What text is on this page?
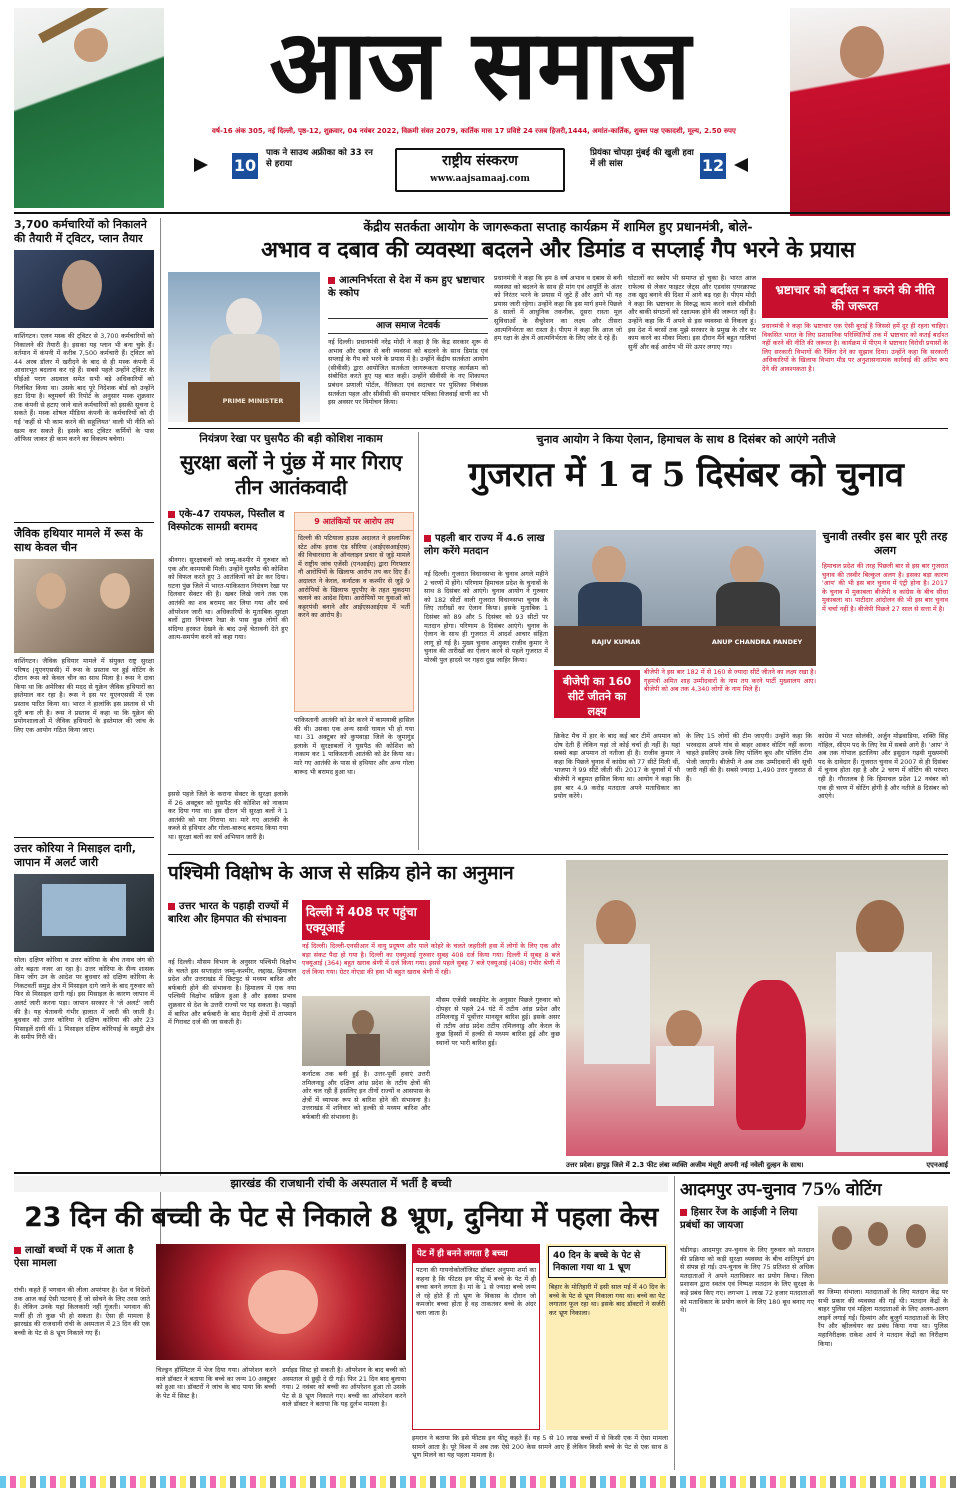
आज समाज
वर्ष-16 अंक 305, नई दिल्ली, पृष्ठ-12, शुक्रवार, 04 नवंबर 2022, विक्रमी संवत 2079, कार्तिक मास 17 प्रविष्टे 24 रजब हिजरी,1444, अमांत-कार्तिक, शुक्ल पक्ष एकादशी, मूल्य, 2.50 रुपए
पाक ने साउथ अफ्रीका को 33 रन से हराया
10	राष्ट्रीय संस्करण
www.aajsamaaj.com
प्रियंका चोपड़ा मुंबई की खुली हवा में ली सांस	12
3,700 कर्मचारियों को निकालने की तैयारी में ट्विटर, प्लान तैयार
वाशिंगटन। एलन मस्क की ट्विटर से 3,700 कर्मचारियों को निकालने की तैयारी है। इसका यह प्लान भी बना चुके हैं। वर्तमान में कंपनी में करीब 7,500 कर्मचारी हैं। ट्विटर को 44 अरब डॉलर में खरीदने के बाद से ही मस्क कंपनी में आधारभूत बदलाव कर रहे हैं। सबसे पहले उन्होंने ट्विटर के सीईओ पराग अग्रवाल समेत सभी बड़े अधिकारियों को निलंबित किया था। उसके बाद पूरे निदेशक बोर्ड को उन्होंने हटा दिया है। ब्लूमबर्ग की रिपोर्ट के अनुसार मस्क शुक्रवार तक कंपनी से हटाए जाने वाले कर्मचारियों को इसकी सूचना दे सकते हैं। मस्क शोषल मीडिया कंपनी के कर्मचारियों को दी गई 'कहीं से भी काम करने की सहूलियत' वाली भी नीति को खत्म कर सकते हैं। इसके बाद ट्विटर कर्मियों के पास ऑफिस जाकर ही काम करने का विकल्प बचेगा।
जैविक हथियार मामले में रूस के साथ केवल चीन
वाशिंगटन। जैविक हथियार मामले में संयुक्त राष्ट्र सुरक्षा परिषद (यूएनएससी) में रूस के प्रस्ताव पर हुई वोटिंग के दौरान रूस को केवल चीन का साथ मिला है। रूस ने दावा किया था कि अमेरिका की मदद से यूक्रेन जैविक हथियारों का इस्तेमाल कर रहा है। रूस ने इस पर यूएनएससी में एक प्रस्ताव पारित किया था। भारत ने हालांकि इस प्रस्ताव से भी दूरी बना ली है। रूस ने प्रस्ताव में कहा था कि यूक्रेन की प्रयोगशालाओं में जैविक हथियारों के इस्तेमाल की जांच के लिए एक आयोग गठित किया जाए।
उत्तर कोरिया ने मिसाइल दागी, जापान में अलर्ट जारी
सोल। दक्षिण कोरिया व उत्तर कोरिया के बीच तनाव जंग की ओर बढ़ता नजर आ रहा है। उत्तर कोरिया के सैन्य शासक किम जोंग उन के आदेश पर बुधवार को दक्षिण कोरिया के निकटवर्ती समुद्र क्षेत्र में मिसाइल दागे जाने के बाद गुरुवार को फिर से मिसाइल दागी गई। इस मिसाइल के कारण जापान में अलर्ट जारी करना पड़ा। जापान सरकार ने 'जे अलर्ट' जारी की है। यह चेतावनी गंभीर हालात में जारी की जाती है। बुधवार को उत्तर कोरिया ने दक्षिण कोरिया की ओर 23 मिसाइलें दागी थीं। 1 मिसाइल दक्षिण कोरियाई के समुद्री क्षेत्र के समीप गिरी थी।
केंद्रीय सतर्कता आयोग के जागरूकता सप्ताह कार्यक्रम में शामिल हुए प्रधानमंत्री, बोले-
अभाव व दबाव की व्यवस्था बदलने और डिमांड व सप्लाई गैप भरने के प्रयास
PRIME MINISTER
आत्मनिर्भरता से देश में कम हुए भ्रष्टाचार के स्कोप
आज समाज नेटवर्क
नई दिल्ली। प्रधानमंत्री नरेंद्र मोदी ने कहा है कि केंद्र सरकार शुरू से अभाव और दबाव से बनी व्यवस्था को बदलने के साथ डिमांड एवं सप्लाई के गैप को भरने के प्रयास में है। उन्होंने केंद्रीय सतर्कता आयोग (सीवीसी) द्वारा आयोजित सतर्कता जागरूकता सप्ताह कार्यक्रम को संबोधित करते हुए यह बात कही। उन्होंने सीवीसी के नए शिकायत प्रबंधन प्रणाली पोर्टल, नैतिकता एवं सदाचार पर पुस्तिका निबंधक सतर्कता पहल और सीवीसी की समाचार पत्रिका विजवाई वाणी का भी इस अवसर पर विमोचन किया।
प्रधानमंत्री ने कहा कि हम 8 वर्ष अभाव व दबाव से बनी व्यवस्था को बदलने के साथ ही मांग एवं आपूर्ति के अंतर को निरंतर भरने के प्रयास में जुटे हैं और आगे भी यह प्रयास जारी रहेगा। उन्होंने कहा कि इस मार्ग हमने पिछले 8 सालों में आधुनिक तकनीक, दूसरा रास्ता मूल सुविधाओं के सैचुरेशन का लक्ष्य और तीसरा आत्मनिर्भरता का रास्ता है। पीएम ने कहा कि आज जो हम रक्षा के क्षेत्र में आत्मनिर्भरता के लिए जोर दे रहे हैं।
घोटालों का स्कोप भी समाप्त हो चुका है। भारत आज राफेल्स से लेकर फाइटर जेट्स और एडवांस एयरक्राफ्ट तक खुद बनाने की दिशा में आगे बढ़ रहा है। पीएम मोदी ने कहा कि भ्रष्टाचार के विरुद्ध काम करने वाले सीवीसी और बाकी संगठनों को रक्षात्मक होने की जरूरत नहीं है। उन्होंने कहा कि मैं अपने से इस व्यवस्था से निकला हूं। इस देश में बरसों तक मुझे सरकार के प्रमुख के तौर पर काम करने का मौका मिला। इस दौरान मैंने बहुत गालियां सुनीं और कई आरोप भी मेरे ऊपर लगाए गए।
भ्रष्टाचार को बर्दाश्त न करने की नीति की जरूरत
प्रधानमंत्री ने कहा कि भ्रष्टाचार एक ऐसी बुराई है जिससे हमें दूर ही रहना चाहिए। विकसित भारत के लिए प्रशासनिक परिस्थितियों तक में भ्रष्टाचार को कतई बर्दाश्त नहीं करने की नीति की जरूरत है। कार्यक्रम में पीएम ने भ्रष्टाचार विरोधी प्रयासों के लिए सरकारी विभागों की रैंकिंग देने का सुझाव दिया। उन्होंने कहा कि सरकारी अधिकारियों के खिलाफ विभाग मौड पर अनुशासनात्मक कार्रवाई की अंतिम रूप देने की आवश्यकता है।
नियंत्रण रेखा पर घुसपैठ की बड़ी कोशिश नाकाम
सुरक्षा बलों ने पुंछ में मार गिराए तीन आतंकवादी
एके-47 रायफल, पिस्तौल व विस्फोटक सामग्री बरामद
श्रीनगर। सुरक्षाबलों को जम्मू-कश्मीर में गुरुवार को एक और कामयाबी मिली। उन्होंने घुसपैठ की कोशिश को विफल करते हुए 3 आतंकियों को ढेर कर दिया। घटना पुंछ जिले में भारत-पाकिस्तान नियंत्रण रेखा पर दिलवार सेक्टर की है। खबर लिखे जाने तक एक आतंकी का शव बरामद कर लिया गया और सर्च ऑपरेशन जारी था। अधिकारियों के मुताबिक सुरक्षा बलों द्वारा नियंत्रण रेखा के पास कुछ लोगों की संदिग्ध हरकत देखने के बाद उन्हें चेतावनी देते हुए आत्म-समर्पण करने को कहा गया।
9 आतंकियों पर आरोप तय
दिल्ली की पटियाला हाउस अदालत ने इस्लामिक स्टेट ऑफ इराक एंड सीरिया (आईएसआईएस) की विचारधारा के ऑनलाइन प्रचार से जुड़े मामले में राष्ट्रीय जांच एजेंसी (एनआईए) द्वारा गिरफ्तार नौ आरोपियों के खिलाफ आरोप तय कर दिए हैं। अदालत ने केरल, कर्नाटक व कश्मीर से जुड़े 9 आरोपियों के खिलाफ यूएपीए के तहत मुकदमा चलाने का आदेश दिया। आरोपियों पर युवाओं को कट्टरपंथी बनाने और आईएसआईएस में भर्ती करने का आरोप है।
पाकिस्तानी आतंकी को ढेर करने में कामयाबी हासिल की थी। उसका एक अन्य साथी घायल भी हो गया था। 31 अक्टूबर को कुपवाड़ा जिले के जुमागुंड इलाके में सुरक्षाबलों ने घुसपैठ की कोशिश को नाकाम कर 1 पाकिस्तानी आतंकी को ढेर किया था। मारे गए आतंकी के पास से हथियार और अन्य गोला बारूद भी बरामद हुआ था।
इससे पहले जिले के कराना सेक्टर के सुरक्षा इलाके में 26 अक्टूबर को घुसपैठ की कोशिश को नाकाम कर दिया गया था। इस दौरान भी सुरक्षा बलों ने 1 आतंकी को मार गिराया था। मारे गए आतंकी के कब्जे से हथियार और गोला-बारूद बरामद किया गया था। सुरक्षा बलों का सर्च अभियान जारी है।
चुनाव आयोग ने किया ऐलान, हिमाचल के साथ 8 दिसंबर को आएंगे नतीजे
गुजरात में 1 व 5 दिसंबर को चुनाव
पहली बार राज्य में 4.6 लाख लोग करेंगे मतदान
नई दिल्ली। गुजरात विधानसभा के चुनाव अगले महीने 2 चरणों में होंगे। परिणाम हिमाचल प्रदेश के चुनावों के साथ 8 दिसंबर को आएंगे। चुनाव आयोग ने गुरुवार को 182 सीटों वाली गुजरात विधानसभा चुनाव के लिए तारीखों का ऐलान किया। इसके मुताबिक 1 दिसंबर को 89 और 5 दिसंबर को 93 सीटों पर मतदान होगा। परिणाम 8 दिसंबर आएंगे। चुनाव के ऐलान के साथ ही गुजरात में आदर्श आचार संहिता लागू हो गई है। मुख्य चुनाव आयुक्त राजीव कुमार ने चुनाव की तारीखों का ऐलान करने से पहले गुजरात में मोरबी पुल हादसे पर गहरा दुख जाहिर किया।
RAJIV KUMAR	ANUP CHANDRA PANDEY
बीजेपी ने इस बार 182 में से 160 से ज्यादा सीटें जीतने का लक्ष्य रखा है। गृहमंत्री अमित शाह उम्मीदवारों के नाम तय करने पार्टी मुख्यालय आए। बीजेपी को अब तक 4,340 लोगों के नाम मिले हैं।
बीजेपी का 160 सीटें जीतने का लक्ष्य
चुनावी तस्वीर इस बार पूरी तरह अलग
हिमाचल प्रदेश की तरह पिछली बार से इस बार गुजरात चुनाव की तस्वीर बिल्कुल अलग है। इसका बड़ा कारण 'आप' की भी इस बार चुनाव में एंट्री होना है। 2017 के चुनाव में मुकाबला बीजेपी व कांग्रेस के बीच सीधा मुकाबला था। पाटीदार आंदोलन की भी इस बार चुनाव में चर्चा नहीं है। बीजेपी पिछले 27 साल से सत्ता में है।
क्रिकेट मैच में हार के बाद कई बार टीमें अपमान को दोष देती हैं लेकिन यहां तो कोई चर्चा ही नहीं है। यहां सबसे बड़ा अपमान तो नतीजा ही है। राजीव कुमार ने कहा कि पिछले चुनाव में कांग्रेस को 77 सीटें मिली थीं, भाजपा ने 99 सीटें जीती थीं। 2017 के चुनावों में भी बीजेपी ने बहुमत हासिल किया था। आयोग ने कहा कि इस बार 4.9 करोड़ मतदाता अपने मताधिकार का प्रयोग करेंगे।
के लिए 15 लोगों की टीम जाएगी। उन्होंने कहा कि भरवदास अपने गांव से बाहर आकर वोटिंग नहीं करना चाहते इसलिए उनके लिए पोलिंग बूथ और पोलिंग टीम भेजी जाएगी। बीजेपी ने अब तक उम्मीदवारों की सूची जारी नहीं की है। सबसे ज्यादा 1,490 उत्तर गुजरात से हैं।
कांग्रेस में भरत सोलंकी, अर्जुन मोढवाडिया, शक्ति सिंह गोहिल, सीएम पद के लिए रेस में सबसे आगे हैं। 'आप' ने अब तक गोपाल इटालिया और इसुदान गढ़वी मुख्यमंत्री पद के दावेदार हैं। गुजरात चुनाव में 2007 से ही दिसंबर में चुनाव होता रहा है और 2 चरण में वोटिंग की परंपरा रही है। गौरतलब है कि हिमाचल प्रदेश 12 नवंबर को एक ही चरण में वोटिंग होगी है और नतीजे 8 दिसंबर को आएंगे।
पश्चिमी विक्षोभ के आज से सक्रिय होने का अनुमान
उत्तर भारत के पहाड़ी राज्यों में बारिश और हिमपात की संभावना
नई दिल्ली। मौसम विभाग के अनुसार पश्चिमी विक्षोभ के चलते इस सप्ताहांत जम्मू-कश्मीर, लद्दाख, हिमाचल प्रदेश और उत्तराखंड में छिटपुट से मध्यम बारिश और बर्फबारी होने की संभावना है। हिमालय में एक नया पश्चिमी विक्षोभ सक्रिय हुआ है और इसका प्रभाव शुक्रवार से देश के उत्तरी राज्यों पर पड़ सकता है। पहाड़ों में बारिश और बर्फबारी के बाद मैदानी क्षेत्रों में तापमान में गिरावट दर्ज की जा सकती है।
दिल्ली में 408 पर पहुंचा एक्यूआई
नई दिल्ली। दिल्ली-एनसीआर में वायु प्रदूषण और पाले कोहरे के चलते जहरीली हवा में लोगों के लिए एक और बड़ा संकट पैदा हो गया है। दिल्ली का एक्यूआई गुरुवार सुबह 408 दर्ज किया गया। दिल्ली में सुबह 8 बजे एक्यूआई (364) बहुत खराब श्रेणी में दर्ज किया गया। इससे पहले सुबह 7 बजे एक्यूआई (408) गंभीर श्रेणी में दर्ज किया गया। ग्रेटर नोएडा की हवा भी बहुत खराब श्रेणी में रही।
कर्नाटक तक बनी हुई है। उत्तर-पूर्वी हवाएं उत्तरी तमिलनाडु और दक्षिण आंध्र प्रदेश के तटीय क्षेत्रों की ओर चल रही हैं इसलिए इन तीनों राज्यों व आसपास के क्षेत्रों में व्यापक रूप से बारिश होने की संभावना है। उत्तराखंड में शनिवार को हल्की से मध्यम बारिश और बर्फबारी की संभावना है।
मौसम एजेंसी स्काईमेट के अनुसार पिछले गुरुवार को दोपहर से पहले 24 घंटे में तटीय आंध्र प्रदेश और तमिलनाडु में पूर्वोत्तर मानसून बारिश हुई। इसके असर से तटीय आंध्र प्रदेश तटीय तमिलनाडु और केरल के कुछ हिस्सों में हल्की से मध्यम बारिश हुई और कुछ स्थानों पर भारी बारिश हुई।
उत्तर प्रदेश। हापुड़ जिले में 2.3 फीट लंबा व्यक्ति अजीम मंसूरी अपनी नई नवेली दुल्हन के साथ।	एएनआई
झारखंड की राजधानी रांची के अस्पताल में भर्ती है बच्ची
23 दिन की बच्ची के पेट से निकाले 8 भ्रूण, दुनिया में पहला केस
लाखों बच्चों में एक में आता है ऐसा मामला
रांची। कहते हैं भगवान की लीला अपरंपार है। देश व विदेशों तक आज कई ऐसी घटनाएं हैं जो सोचने के लिए तरस जाते हैं। लेकिन उनके यहां किलकारी नहीं गूंजती। भगवान की मर्जी ही तो कुछ भी हो सकता है। ऐसा ही मामला है झारखंड की राजधानी रांची के अस्पताल में 23 दिन की एक बच्ची के पेट से 8 भ्रूण निकाले गए हैं।
पेट में ही बनने लगता है बच्चा
पटना की गायनोकोलॉजिस्ट डॉक्टर अनुपमा शर्मा का कहना है कि फीटस इन फीटू में बच्चे के पेट में ही बच्चा बनने लगता है। मां के 1 से ज्यादा बच्चे जन्म ले रहे होते हैं तो भ्रूण के विकास के दौरान जो कमजोर बच्चा होता है वह ताकतवर बच्चे के अंदर चला जाता है।
40 दिन के बच्चे के पेट से निकाला गया था 1 भ्रूण
बिहार के मोतिहारी में इसी साल मई में 40 दिन के बच्चे के पेट से भ्रूण निकाला गया था। बच्चे का पेट लगातार फूल रहा था। इसके बाद डॉक्टरों ने सर्जरी कर भ्रूण निकाला।
चिल्ड्रन हॉस्पिटल में भेज दिया गया। ऑपरेशन करने वाले डॉक्टर ने बताया कि बच्चे का जन्म 10 अक्टूबर को हुआ था। डॉक्टरों ने जांच के बाद पाया कि बच्ची के पेट में सिस्ट है।
डर्माइड सिस्ट हो सकती है। ऑपरेशन के बाद बच्ची को अस्पताल से छुट्टी दे दी गई। फिर 21 दिन बाद बुलाया गया। 2 नवंबर को बच्ची का ऑपरेशन हुआ तो उसके पेट से 8 भ्रूण निकाले गए। बच्ची का ऑपरेशन करने वाले डॉक्टर ने बताया कि यह दुर्लभ मामला है।
इमरान ने बताया कि इसे फीटस इन फीटू कहते हैं। यह 5 से 10 लाख बच्चों में से किसी एक में ऐसा मामला सामने आता है। पूरे विश्व में अब तक ऐसे 200 केस सामने आए हैं लेकिन किसी बच्चे के पेट से एक साथ 8 भ्रूण मिलने का यह पहला मामला है।
आदमपुर उप-चुनाव 75% वोटिंग
हिसार रेंज के आईजी ने लिया प्रबंधों का जायजा
चंडीगढ़। आदमपुर उप-चुनाव के लिए गुरुवार को मतदान की प्रक्रिया को कड़ी सुरक्षा व्यवस्था के बीच शांतिपूर्ण ढंग से संपन्न हो गई। उप-चुनाव के लिए 75 प्रतिशत से अधिक मतदाताओं ने अपने मताधिकार का प्रयोग किया। जिला प्रशासन द्वारा स्वतंत्र एवं निष्पक्ष मतदान के लिए सुरक्षा के कड़े प्रबंध किए गए। लगभग 1 लाख 72 हजार मतदाताओं को मताधिकार के प्रयोग करने के लिए 180 बूथ बनाए गए थे।
का जिम्मा संभाला। मतदाताओं के लिए मतदान केंद्र पर सभी प्रकार की व्यवस्था की गई थी। मतदान केंद्रों के बाहर पुलिस एवं महिला मतदाताओं के लिए अलग-अलग लाइनें लगाई गईं। दिव्यांग और बुजुर्ग मतदाताओं के लिए रैंप और व्हीलचेयर का प्रबंध किया गया था। पुलिस महानिरीक्षक राकेश आर्य ने मतदान केंद्रों का निरीक्षण किया।
